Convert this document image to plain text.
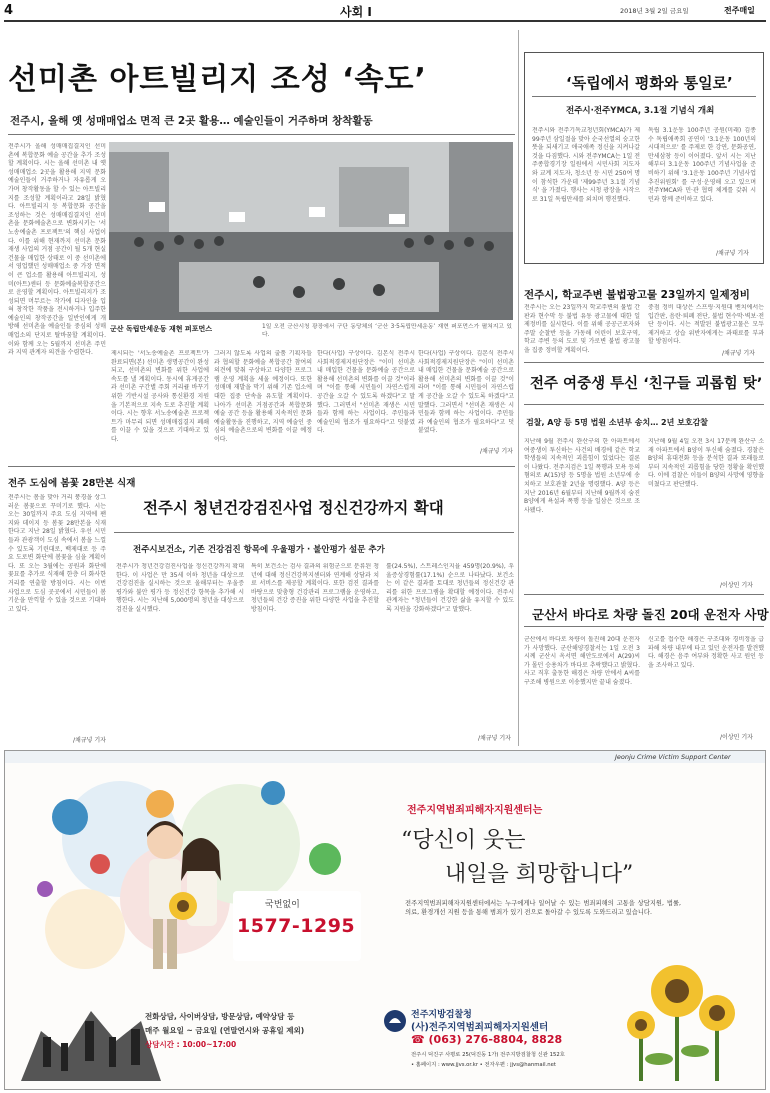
4	사회 Ⅰ	2018년 3월 2일 금요일	전주매일
선미촌 아트빌리지 조성 ‘속도’
전주시, 올해 옛 성매매업소 면적 큰 2곳 활용… 예술인들이 거주하며 창착활동
전주시가 올해 성매매집결지인 선미촌에 복합문화 예술 공간을 추가 조성할 계획이다. 시는 올해 선미촌 내 옛 성매매업소 2곳을 활용해 지역 문화예술인들이 거주하거나 자유롭게 오가며 창작활동을 할 수 있는 아트빌리지를 조성할 계획이라고 28일 밝혔다. 아트빌리지 등 복합문화 공간을 조성하는 것은 성매매집결지인 선미촌을 문화예술촌으로 변화시키는 '서노송예술촌 프로젝트'의 핵심 사업이다. 이를 위해 현재까지 선미촌 문화재생 사업의 거점 공간이 될 5개 현실 건물을 매입한 상태로 이 중 선미촌에서 영업했던 성매매업소 중 가장 면적이 큰 업소를 활용해 아트빌리지, 성미(아트)센터 등 문화예술복합공간으로 운영할 계획이다. 아트빌리지가 조성되면 머무르는 작가에 디자인을 입혀 창작한 작품을 전시하거나 입주한 예술인의 창작공간을 일반인에게 개방해 선미촌을 예술인들 중심의 성매매업소의 단지로 탈바꿈할 계획이다. 이와 함께 오는 5월까지 선미촌 주민과 지역 관계자 의견을 수렴한다.
군산 독립만세운동 재현 퍼포먼스	1일 오전 군산시청 광장에서 구단 동당체의 ‘군산 3·5독립만세운동’ 재현 퍼포먼스가 펼쳐지고 있다.
제시되는 '서노송예술촌 프로젝트'가 완료되면(본) 선미촌 생명공간이 완성되고, 선미촌의 변화를 위한 사업에 속도를 낼 계획이다. 동시에 휴게공간과 선미촌 구간별 주회 커리큘 바꾸기 위한 기반시설 공사와 통신환경 지원을 기본적으로 지속 도로 추진할 계획이다. 시는 향후 서노송예술촌 프로젝트가 마무리 되면 성매매집결지 폐쇄를 이끌 수 있을 것으로 기대하고 있다.
그러지 않도록 사업의 출품 기획자들과 협의할 문화예술 복합공간 참여의 의견에 맞춰 구상하고 다양한 프로그램 운영 계획을 세울 예정이다. 또한 성매매 재발을 막기 위해 기존 업소에 대한 집중 단속을 유도할 계획이다. 나아가 선미촌 거점공간과 복합문화 예술 공간 등을 활용해 지속적인 문화예술활동을 진행하고, 지역 예술인 중심의 예술촌으로의 변화를 이끌 예정이다.
한다(사업) 구상이다. 김본식 전주시 사회적경제지원단장은 "이미 선미촌 내 매입한 건물을 문화예술 공간으로 활용해 선미촌의 변화를 이끌 것"이라며 "이를 통해 시민들이 자연스럽게 공간을 오갈 수 있도록 하겠다"고 말했다. 그러면서 "선미촌 재생은 시민들과 함께 하는 사업이다. 주민들과 예술인의 협조가 필요하다"고 덧붙였다.
한다(사업) 구상이다. 김본식 전주시 사회적경제지원단장은 "이미 선미촌 내 매입한 건물을 문화예술 공간으로 활용해 선미촌의 변화를 이끌 것"이라며 "이를 통해 시민들이 자연스럽게 공간을 오갈 수 있도록 하겠다"고 말했다. 그러면서 "선미촌 재생은 시민들과 함께 하는 사업이다. 주민들과 예술인의 협조가 필요하다"고 덧붙였다.
/채규넣 기자
전주 도심에 봄꽃 28만본 식재
전주시는 봄을 맞아 거리 풍경을 상그러운 봄꽃으로 꾸미기로 했다. 시는 오는 30일까지 주요 도심 지역에 팬지와 데이지 등 봄꽃 28만본을 식재한다고 지난 28일 밝혔다. 우선 시민들과 관광객이 도심 속에서 봄을 느낄 수 있도록 기린대로, 백제대로 등 주요 도로변 화단에 봄꽃을 심을 계획이다. 또 오는 3월에는 공원과 화단에 꽃묘를 추가로 식재해 한층 더 화사한 거리를 연출할 방침이다. 시는 이번 사업으로 도심 곳곳에서 시민들이 봄기운을 만끽할 수 있을 것으로 기대하고 있다.
/채규넣 기자
전주시 청년건강검진사업 정신건강까지 확대
전주시보건소, 기존 건강검진 항목에 우울평가 · 불안평가 설문 추가
전주시가 청년건강검진사업을 정신건강까지 확대한다. 이 사업은 만 35세 이하 청년을 대상으로 건강검진을 실시하는 것으로 올해부터는 우울증 평가와 불안 평가 등 정신건강 항목을 추가해 시행한다. 시는 지난해 5,000명의 청년을 대상으로 검진을 실시했다.
특히 보건소는 검사 결과의 위험군으로 분류된 청년에 대해 정신건강복지센터와 연계해 상담과 치료 서비스를 제공할 계획이다. 또한 검진 결과를 바탕으로 맞춤형 건강관리 프로그램을 운영하고, 청년들의 건강 증진을 위한 다양한 사업을 추진할 방침이다.
률(24.5%), 스트레스인지율 459명(20.9%), 우울증상경험률(17.1%) 순으로 나타났다. 보건소는 이 같은 결과를 토대로 청년들의 정신건강 관리를 위한 프로그램을 확대할 예정이다. 전주시 관계자는 "청년들이 건강한 삶을 유지할 수 있도록 지원을 강화하겠다"고 말했다.
/채규넣 기자
‘독립에서 평화와 통일로’
전주시·전주YMCA, 3.1절 기념식 개최
전주시와 전주기독교청년회(YMCA)가 제99주년 삼일절을 맞아 순국선열의 숭고한 뜻을 되새기고 애국애족 정신을 지켜나갈 것을 다짐했다. 시와 전주YMCA는 1일 전주종합경기장 일원에서 시민사회 지도자와 교계 지도자, 청소년 등 시민 250여 명이 참석한 가운데 '제99주년 3.1절 기념식' 을 가졌다. 행사는 시청 광장을 시작으로 31일 독립만세를 외치며 행진했다.
독립 3.1운동 100주년 공원(미래) 김종수 독립애족회 공연이 '3.1운동 100년의 시대적으로' 를 주제로 한 강연, 문화공연, 만세삼창 등이 이어졌다. 앞서 시는 지난해부터 3.1운동 100주년 기념사업을 준비하기 위해 '3.1운동 100주년 기념사업 추진위원회' 를 구성·운영해 오고 있으며 전주YMCA와 민·관 협력 체계를 갖춰 시민과 함께 준비하고 있다.
/채규넣 기자
전주시, 학교주변 불법광고물 23일까지 일제정비
전주시는 오는 23일까지 학교주변의 불법 간판과 현수막 등 불법 유동 광고물에 대한 일제정비를 실시한다. 이를 위해 공공근로자와 주말 순찰반 등을 가동해 어린이 보호구역, 학교 주변 등의 도로 및 가로변 불법 광고물을 집중 정비할 계획이다.
중점 정비 대상은 스프링·지원대 벤치에서는 입간판, 음란·퇴폐 전단, 불법 현수막·벽보·전단 등이다. 시는 적발된 불법광고물은 모두 제거하고 상습 위반자에게는 과태료를 부과할 방침이다.
/채규넣 기자
전주 여중생 투신 ‘친구들 괴롭힘 탓’
검찰, A양 등 5명 법원 소년부 송치… 2년 보호감찰
지난해 9월 전주시 완산구의 한 아파트에서 여중생이 투신하는 사건의 배경에 같은 학교 학생들의 지속적인 괴롭힘이 있었다는 결론이 나왔다. 전주지검은 1일 폭행과 모욕 등의 혐의로 A(15)양 등 5명을 법원 소년부에 송치하고 보호관찰 2년을 명령했다. A양 등은 지난 2016년 6월부터 지난해 9월까지 숨진 B양에게 욕설과 폭행 등을 일삼은 것으로 조사됐다.
지난해 9월 4일 오전 3시 17분께 완산구 소재 아파트에서 B양이 투신해 숨졌다. 경찰은 B양의 휴대전화 등을 분석한 결과 또래들로부터 지속적인 괴롭힘을 당한 정황을 확인했다. 이에 검찰은 이들이 B양의 사망에 영향을 미쳤다고 판단했다.
/이상민 기자
군산서 바다로 차량 돌진 20대 운전자 사망
군산에서 바다로 차량이 돌진해 20대 운전자가 사망했다. 군산해양경찰서는 1일 오전 3시께 군산시 옥서면 해안도로에서 A(29)씨가 몰던 승용차가 바다로 추락했다고 밝혔다. 사고 직후 출동한 해경은 차량 안에서 A씨를 구조해 병원으로 이송했지만 끝내 숨졌다.
신고를 접수한 해경은 구조대와 경비정을 급파해 차량 내부에 타고 있던 운전자를 발견했다. 해경은 음주 여부와 정확한 사고 원인 등을 조사하고 있다.
/이상민 기자
Jeonju Crime Victim Support Center
국번없이
1577-1295
전화상담, 사이버상담, 방문상담, 예약상담 등
매주 월요일 ~ 금요일 (연말연시와 공휴일 제외)
상담시간 : 10:00~17:00
전주지역범죄피해자지원센터는
“당신이 웃는
내일을 희망합니다”
전주지역범죄피해자지원센터에서는 누구에게나 일어날 수 있는 범죄피해의 고통을 상담지원, 법률, 의료, 환경개선 지원 등을 통해 범죄가 있기 전으로 돌아갈 수 있도록 도와드리고 있습니다.
전주지방검찰청
(사)전주지역범죄피해자지원센터
☎ (063) 276-8804, 8828
전주시 덕진구 사평로 25(덕진동 1가) 전주지방검찰청 신관 152호
• 홈페이지 : www.jjvs.or.kr • 전자우편 : jjvs@hanmail.net
